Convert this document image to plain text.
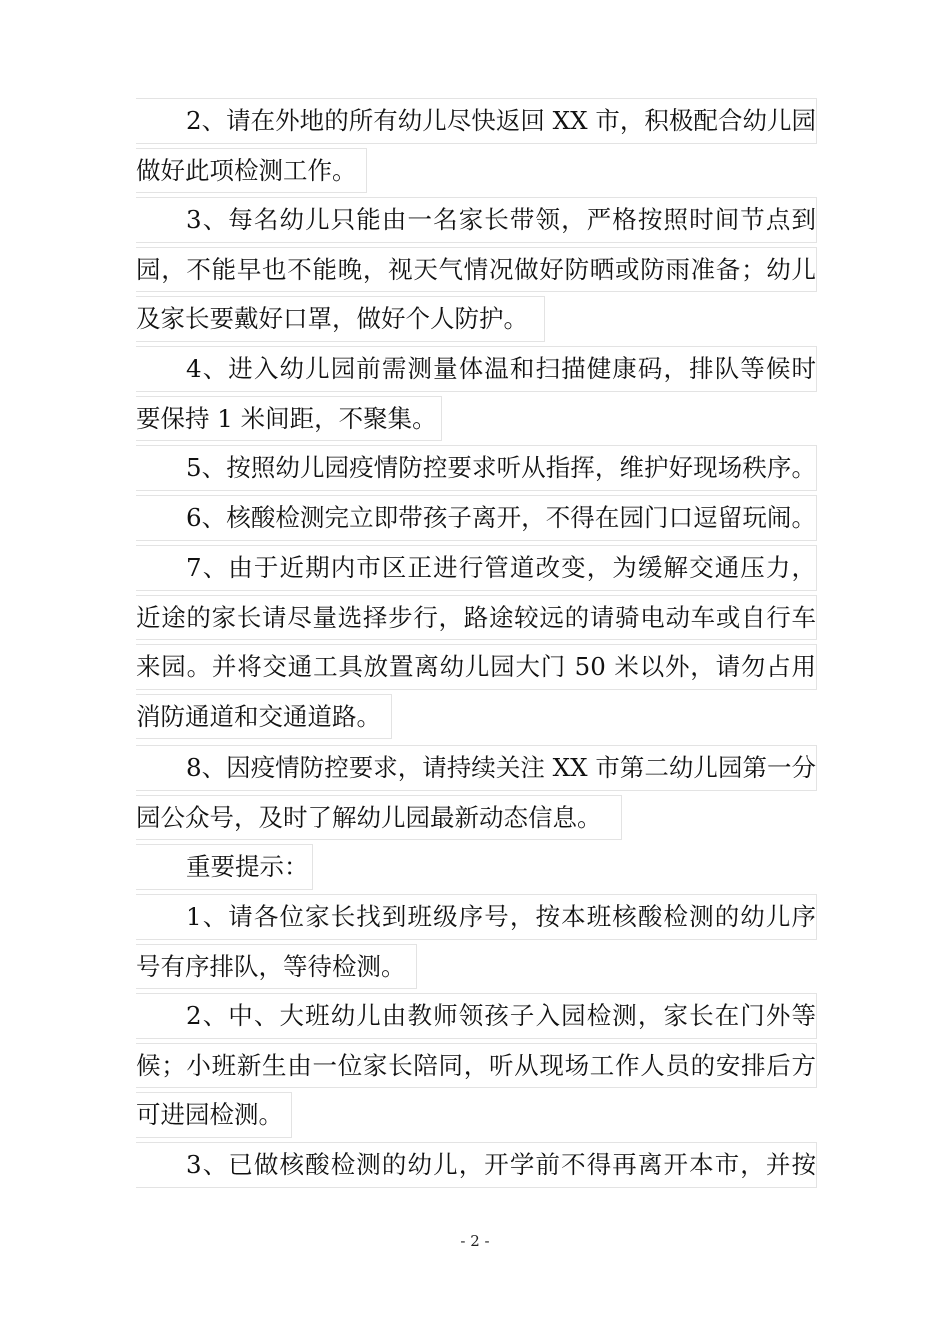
2、请在外地的所有幼儿尽快返回 XX 市，积极配合幼儿园
做好此项检测工作。
3、每名幼儿只能由一名家长带领，严格按照时间节点到
园，不能早也不能晚，视天气情况做好防晒或防雨准备；幼儿
及家长要戴好口罩，做好个人防护。
4、进入幼儿园前需测量体温和扫描健康码，排队等候时
要保持 1 米间距，不聚集。
5、按照幼儿园疫情防控要求听从指挥，维护好现场秩序。
6、核酸检测完立即带孩子离开，不得在园门口逗留玩闹。
7、由于近期内市区正进行管道改变，为缓解交通压力，
近途的家长请尽量选择步行，路途较远的请骑电动车或自行车
来园。并将交通工具放置离幼儿园大门 50 米以外，请勿占用
消防通道和交通道路。
8、因疫情防控要求，请持续关注 XX 市第二幼儿园第一分
园公众号，及时了解幼儿园最新动态信息。
重要提示：
1、请各位家长找到班级序号，按本班核酸检测的幼儿序
号有序排队，等待检测。
2、中、大班幼儿由教师领孩子入园检测，家长在门外等
候；小班新生由一位家长陪同，听从现场工作人员的安排后方
可进园检测。
3、已做核酸检测的幼儿，开学前不得再离开本市，并按
- 2 -
